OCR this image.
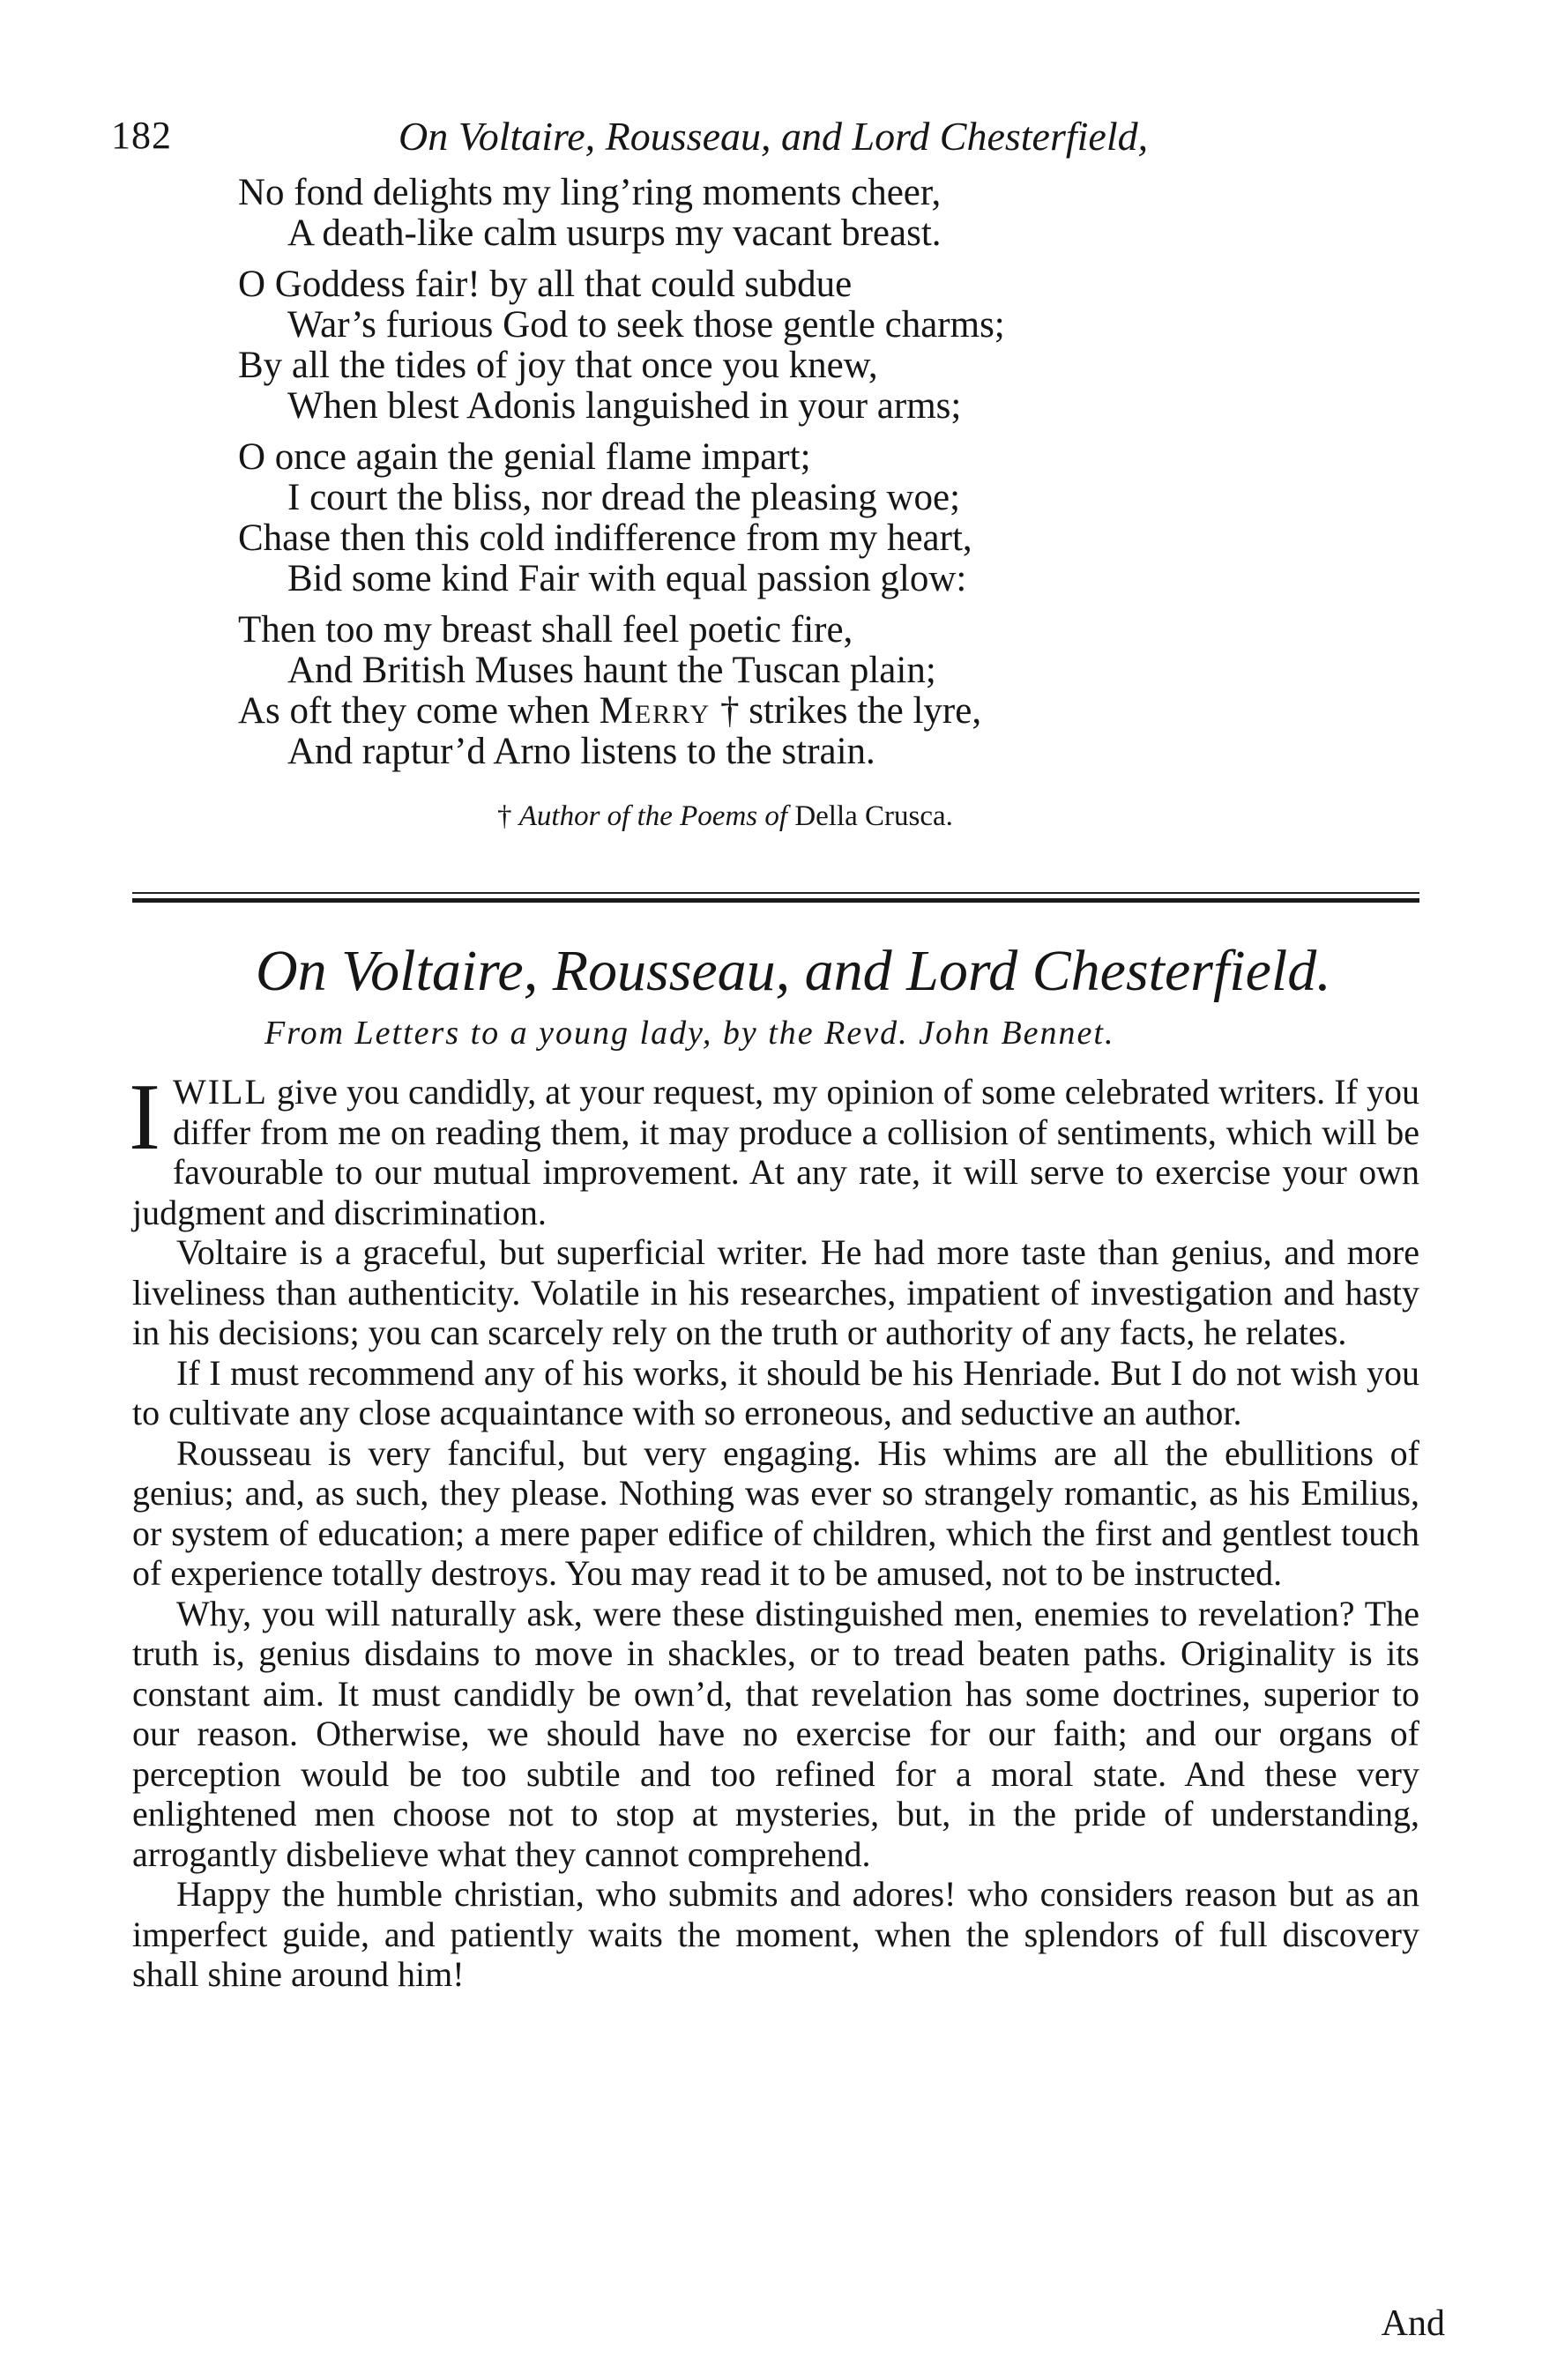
182	On Voltaire, Rousseau, and Lord Chesterfield,
No fond delights my ling’ring moments cheer,
A death-like calm usurps my vacant breast.
O Goddess fair! by all that could subdue
War’s furious God to seek those gentle charms;
By all the tides of joy that once you knew,
When blest Adonis languished in your arms;
O once again the genial flame impart;
I court the bliss, nor dread the pleasing woe;
Chase then this cold indifference from my heart,
Bid some kind Fair with equal passion glow:
Then too my breast shall feel poetic fire,
And British Muses haunt the Tuscan plain;
As oft they come when Merry † strikes the lyre,
And raptur’d Arno listens to the strain.
† Author of the Poems of Della Crusca.
On Voltaire, Rousseau, and Lord Chesterfield.
From Letters to a young lady, by the Revd. John Bennet.

IWILL give you candidly, at your request, my opinion of some celebrated writers. If you differ from me on reading them, it may produce a collision of sentiments, which will be favourable to our mutual improvement. At any rate, it will serve to exercise your own judgment and discrimination.

Voltaire is a graceful, but superficial writer. He had more taste than genius, and more liveliness than authenticity. Volatile in his researches, impatient of investigation and hasty in his decisions; you can scarcely rely on the truth or authority of any facts, he relates.

If I must recommend any of his works, it should be his Henriade. But I do not wish you to cultivate any close acquaintance with so erroneous, and seductive an author.

Rousseau is very fanciful, but very engaging. His whims are all the ebullitions of genius; and, as such, they please. Nothing was ever so strangely romantic, as his Emilius, or system of education; a mere paper edifice of children, which the first and gentlest touch of experience totally destroys. You may read it to be amused, not to be instructed.

Why, you will naturally ask, were these distinguished men, enemies to revelation? The truth is, genius disdains to move in shackles, or to tread beaten paths. Originality is its constant aim. It must candidly be own’d, that revelation has some doctrines, superior to our reason. Otherwise, we should have no exercise for our faith; and our organs of perception would be too subtile and too refined for a moral state. And these very enlightened men choose not to stop at mysteries, but, in the pride of understanding, arrogantly disbelieve what they cannot comprehend.

Happy the humble christian, who submits and adores! who considers reason but as an imperfect guide, and patiently waits the moment, when the splendors of full discovery shall shine around him!

And
